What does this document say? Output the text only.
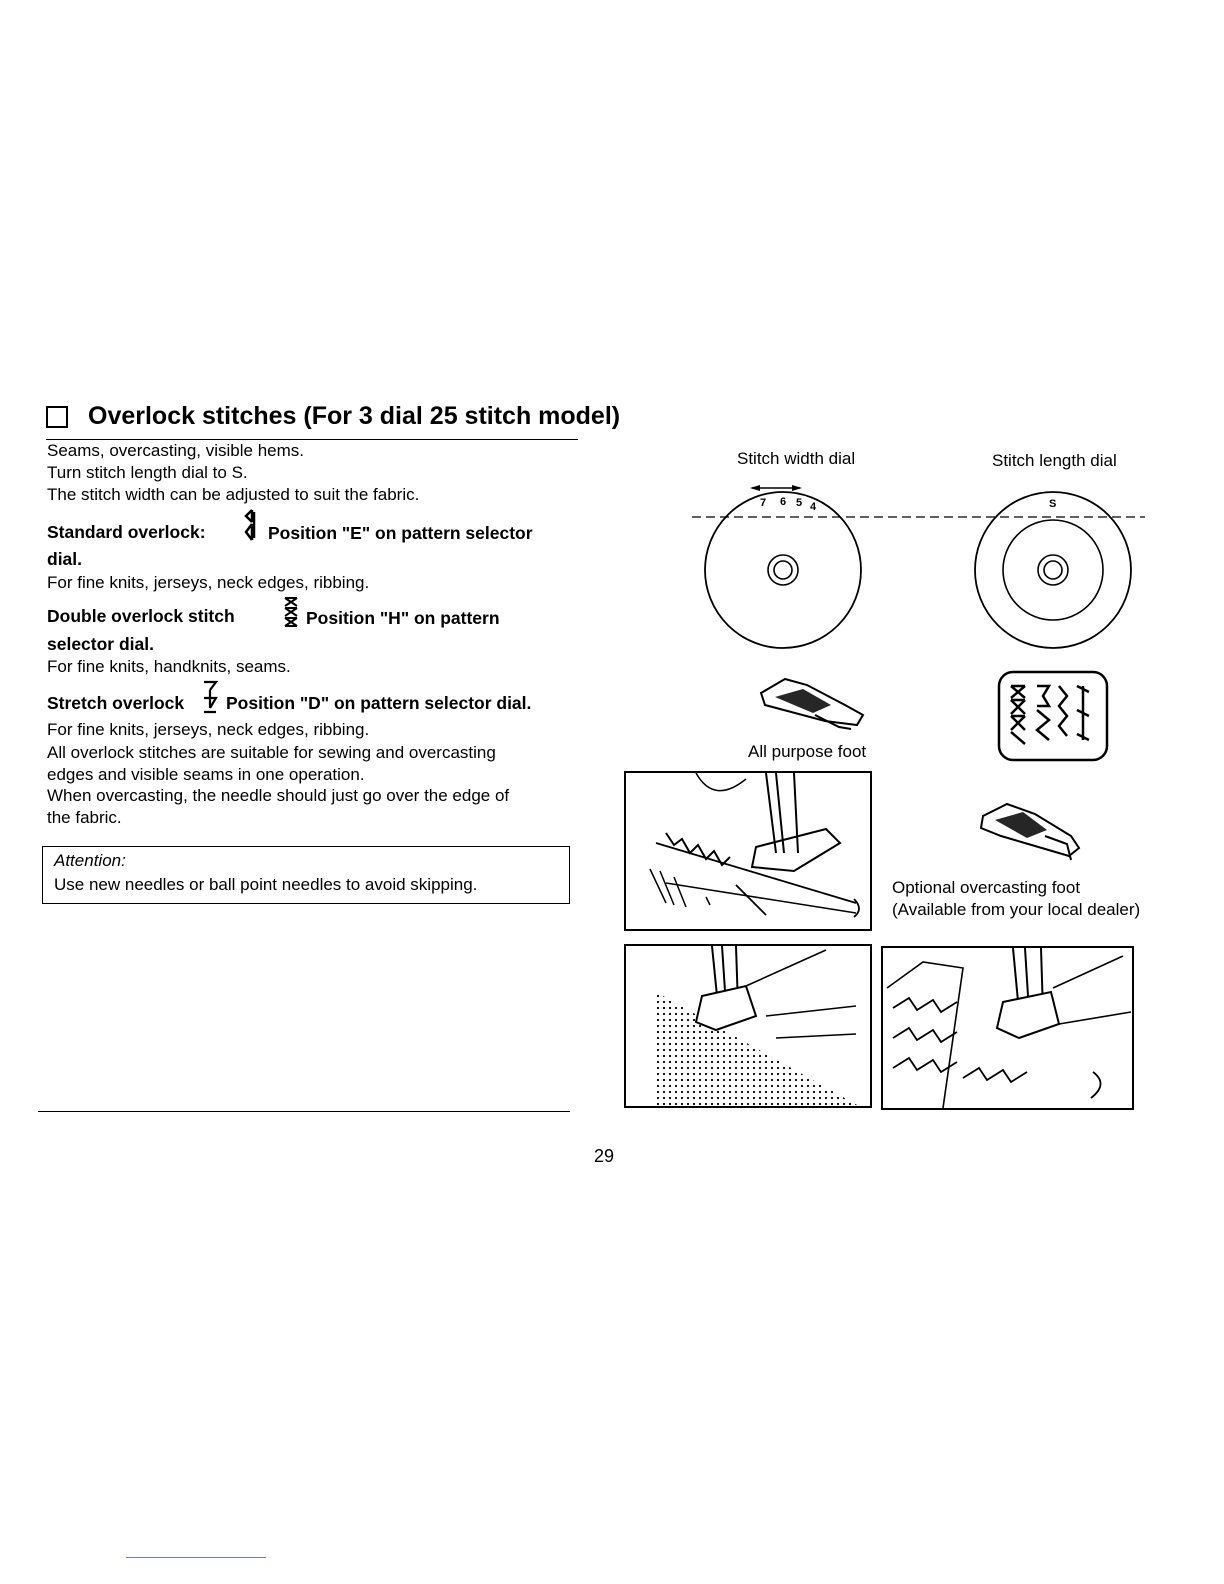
Overlock stitches (For 3 dial 25 stitch model)
Seams, overcasting, visible hems.
Turn stitch length dial to S.
The stitch width can be adjusted to suit the fabric.
Standard overlock:	Position "E" on pattern selector
dial.
For fine knits, jerseys, neck edges, ribbing.
Double overlock stitch	Position "H" on pattern
selector dial.
For fine knits, handknits, seams.
Stretch overlock Position "D" on pattern selector dial.
For fine knits, jerseys, neck edges, ribbing.
All overlock stitches are suitable for sewing and overcasting
edges and visible seams in one operation.
When overcasting, the needle should just go over the edge of
the fabric.
Attention:
Use new needles or ball point needles to avoid skipping.
29
Stitch width dial	Stitch length dial
7 6 5 4	S
All purpose foot
Optional overcasting foot
(Available from your local dealer)
